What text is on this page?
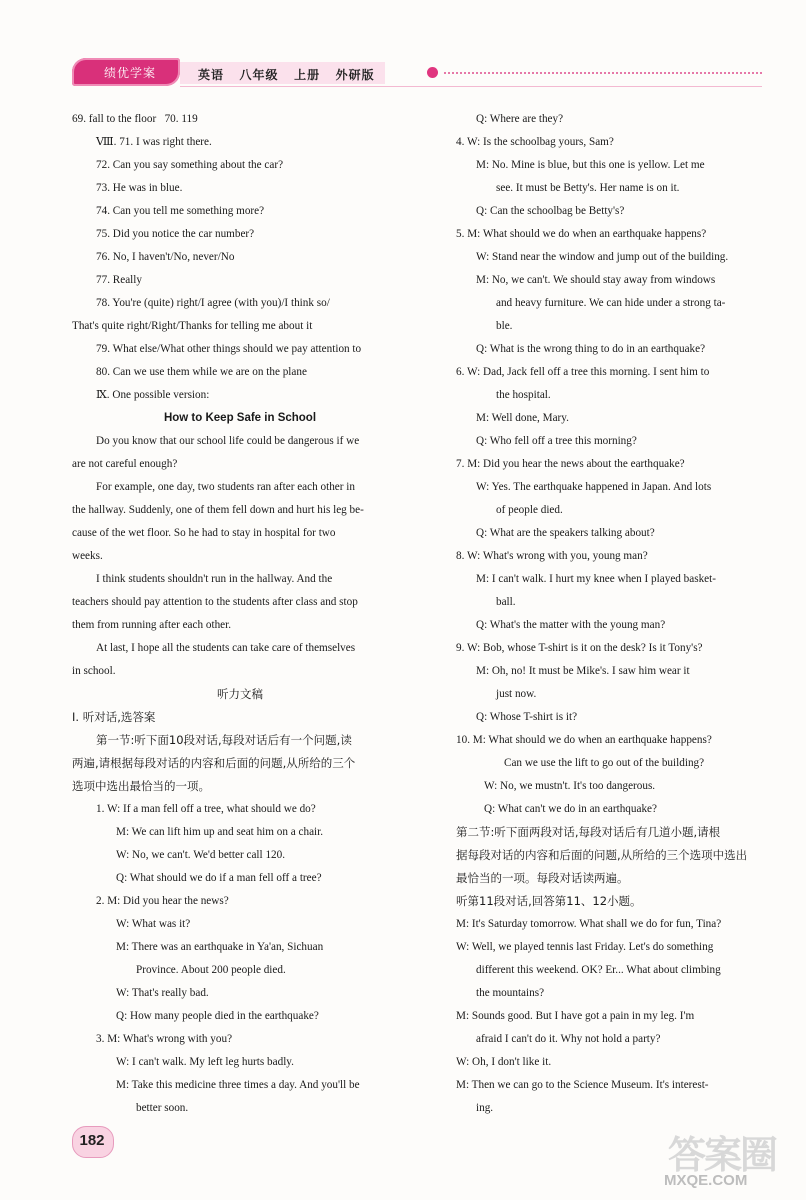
绩优学案	英语   八年级   上册   外研版
69. fall to the floor   70. 119
Ⅷ. 71. I was right there.
72. Can you say something about the car?
73. He was in blue.
74. Can you tell me something more?
75. Did you notice the car number?
76. No, I haven't/No, never/No
77. Really
78. You're (quite) right/I agree (with you)/I think so/
That's quite right/Right/Thanks for telling me about it
79. What else/What other things should we pay attention to
80. Can we use them while we are on the plane
Ⅸ. One possible version:
How to Keep Safe in School
Do you know that our school life could be dangerous if we
are not careful enough?
For example, one day, two students ran after each other in
the hallway. Suddenly, one of them fell down and hurt his leg be-
cause of the wet floor. So he had to stay in hospital for two
weeks.
I think students shouldn't run in the hallway. And the
teachers should pay attention to the students after class and stop
them from running after each other.
At last, I hope all the students can take care of themselves
in school.
听力文稿
Ⅰ. 听对话,选答案
第一节:听下面10段对话,每段对话后有一个问题,读
两遍,请根据每段对话的内容和后面的问题,从所给的三个
选项中选出最恰当的一项。
1. W: If a man fell off a tree, what should we do?
M: We can lift him up and seat him on a chair.
W: No, we can't. We'd better call 120.
Q: What should we do if a man fell off a tree?
2. M: Did you hear the news?
W: What was it?
M: There was an earthquake in Ya'an, Sichuan
Province. About 200 people died.
W: That's really bad.
Q: How many people died in the earthquake?
3. M: What's wrong with you?
W: I can't walk. My left leg hurts badly.
M: Take this medicine three times a day. And you'll be
better soon.
Q: Where are they?
4. W: Is the schoolbag yours, Sam?
M: No. Mine is blue, but this one is yellow. Let me
see. It must be Betty's. Her name is on it.
Q: Can the schoolbag be Betty's?
5. M: What should we do when an earthquake happens?
W: Stand near the window and jump out of the building.
M: No, we can't. We should stay away from windows
and heavy furniture. We can hide under a strong ta-
ble.
Q: What is the wrong thing to do in an earthquake?
6. W: Dad, Jack fell off a tree this morning. I sent him to
the hospital.
M: Well done, Mary.
Q: Who fell off a tree this morning?
7. M: Did you hear the news about the earthquake?
W: Yes. The earthquake happened in Japan. And lots
of people died.
Q: What are the speakers talking about?
8. W: What's wrong with you, young man?
M: I can't walk. I hurt my knee when I played basket-
ball.
Q: What's the matter with the young man?
9. W: Bob, whose T-shirt is it on the desk? Is it Tony's?
M: Oh, no! It must be Mike's. I saw him wear it
just now.
Q: Whose T-shirt is it?
10. M: What should we do when an earthquake happens?
Can we use the lift to go out of the building?
W: No, we mustn't. It's too dangerous.
Q: What can't we do in an earthquake?
第二节:听下面两段对话,每段对话后有几道小题,请根
据每段对话的内容和后面的问题,从所给的三个选项中选出
最恰当的一项。每段对话读两遍。
听第11段对话,回答第11、12小题。
M: It's Saturday tomorrow. What shall we do for fun, Tina?
W: Well, we played tennis last Friday. Let's do something
different this weekend. OK? Er... What about climbing
the mountains?
M: Sounds good. But I have got a pain in my leg. I'm
afraid I can't do it. Why not hold a party?
W: Oh, I don't like it.
M: Then we can go to the Science Museum. It's interest-
ing.
182	答案圈
MXQE.COM
